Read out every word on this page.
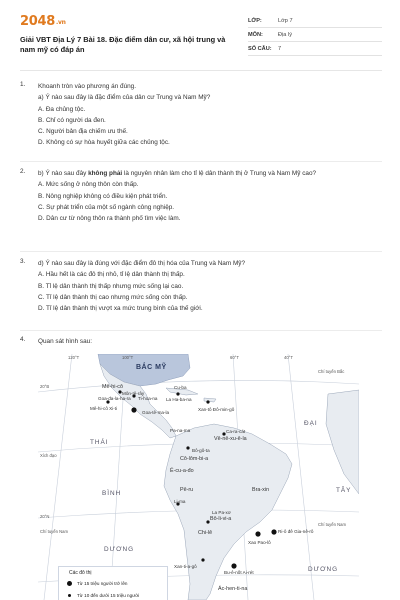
2048.vn
Giải VBT Địa Lý 7 Bài 18. Đặc điểm dân cư, xã hội trung và nam mỹ có đáp án
LỚP:	Lớp 7
MÔN:	Địa lý
SỐ CÂU:	7
1. Khoanh tròn vào phương án đúng.

a) Ý nào sau đây là đặc điểm của dân cư Trung và Nam Mỹ?

A. Đa chủng tộc.

B. Chỉ có người da đen.

C. Người bản địa chiếm ưu thế.

D. Không có sự hòa huyết giữa các chủng tộc.

2. b) Ý nào sau đây không phải là nguyên nhân làm cho tỉ lệ dân thành thị ở Trung và Nam Mỹ cao?

A. Mức sống ở nông thôn còn thấp.

B. Nông nghiệp không có điều kiện phát triển.

C. Sự phát triển của một số ngành công nghiệp.

D. Dân cư từ nông thôn ra thành phố tìm việc làm.

3. d) Ý nào sau đây là đúng với đặc điểm đô thị hóa của Trung và Nam Mỹ?

A. Hầu hết là các đô thị nhỏ, tỉ lệ dân thành thị thấp.

B. Tỉ lệ dân thành thị thấp nhưng mức sống lại cao.

C. Tỉ lệ dân thành thị cao nhưng mức sống còn thấp.

D. Tỉ lệ dân thành thị vượt xa mức trung bình của thế giới.

4. Quan sát hình sau:

BẮC MỸ
120°T	100°T	60°T	40°T
20°B
20°N
Chí tuyến Bắc
Chí tuyến Nam
Chí tuyến Nam
Xích đạo
THÁI
BÌNH
DƯƠNG
ĐẠI
TÂY
DƯƠNG
Mê-hi-cô	Cu-ba
Goa-tê-ma-la
Pa-na-ma
Vê-nê-xu-ê-la
Cô-lôm-bi-a
Ê-cu-a-đo
Pê-ru	Bra-xin
Bô-li-vi-a
Chi-lê
Ác-hen-ti-na
Mê-hi-cô Xi-ti
La Ha-ba-na
Xan-tô Đô-min-gô
Ca-ra-cát
Bô-gô-ta
Li-ma
La Pa-xơ
Xao Pao-lô
Ri-ô đê Gia-nê-rô
Xan-ti-a-gô
Bu-ê-nốt Ai-rét
Môn-tê-rây
Goa-đa-la-ha-ra Ti-hoa-na
Các đô thị
Từ 15 triệu người trở lên
Từ 10 đến dưới 15 triệu người
